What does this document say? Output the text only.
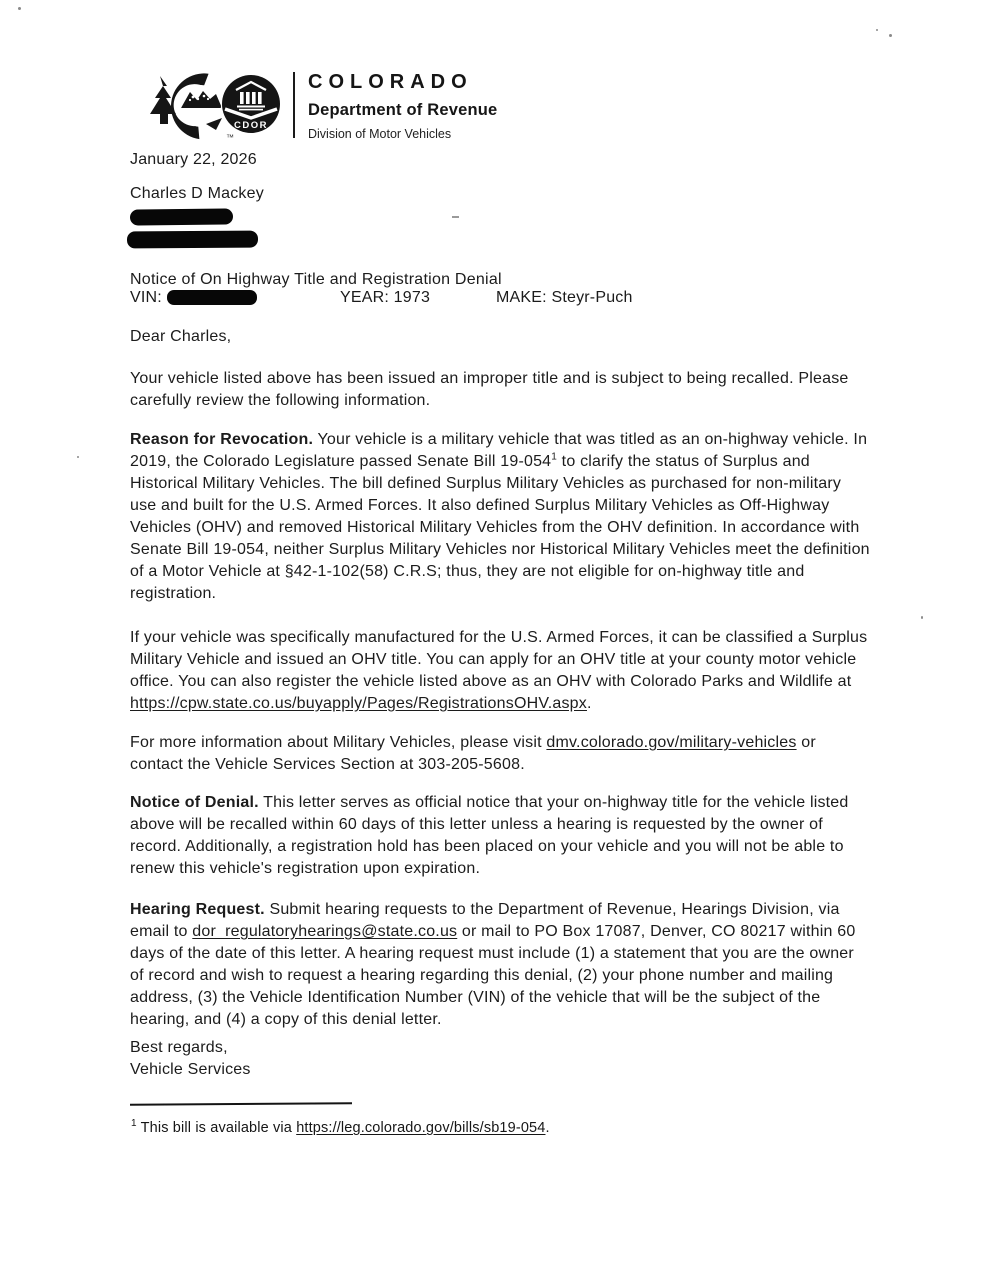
™
CDOR
COLORADO
Department of Revenue
Division of Motor Vehicles
January 22, 2026
Charles D Mackey
Notice of On Highway Title and Registration Denial
VIN:	YEAR: 1973	MAKE: Steyr-Puch
Dear Charles,
Your vehicle listed above has been issued an improper title and is subject to being recalled. Please carefully review the following information.
Reason for Revocation. Your vehicle is a military vehicle that was titled as an on-highway vehicle. In 2019, the Colorado Legislature passed Senate Bill 19-054$^1$ to clarify the status of Surplus and Historical Military Vehicles. The bill defined Surplus Military Vehicles as purchased for non-military use and built for the U.S. Armed Forces. It also defined Surplus Military Vehicles as Off-Highway Vehicles (OHV) and removed Historical Military Vehicles from the OHV definition. In accordance with Senate Bill 19-054, neither Surplus Military Vehicles nor Historical Military Vehicles meet the definition of a Motor Vehicle at §42-1-102(58) C.R.S; thus, they are not eligible for on-highway title and registration.
If your vehicle was specifically manufactured for the U.S. Armed Forces, it can be classified a Surplus Military Vehicle and issued an OHV title. You can apply for an OHV title at your county motor vehicle office. You can also register the vehicle listed above as an OHV with Colorado Parks and Wildlife at https://cpw.state.co.us/buyapply/Pages/RegistrationsOHV.aspx.
For more information about Military Vehicles, please visit dmv.colorado.gov/military-vehicles or contact the Vehicle Services Section at 303-205-5608.
Notice of Denial. This letter serves as official notice that your on-highway title for the vehicle listed above will be recalled within 60 days of this letter unless a hearing is requested by the owner of record. Additionally, a registration hold has been placed on your vehicle and you will not be able to renew this vehicle's registration upon expiration.
Hearing Request. Submit hearing requests to the Department of Revenue, Hearings Division, via email to dor_regulatoryhearings@state.co.us or mail to PO Box 17087, Denver, CO 80217 within 60 days of the date of this letter. A hearing request must include (1) a statement that you are the owner of record and wish to request a hearing regarding this denial, (2) your phone number and mailing address, (3) the Vehicle Identification Number (VIN) of the vehicle that will be the subject of the hearing, and (4) a copy of this denial letter.
Best regards,
Vehicle Services
$^1$ This bill is available via https://leg.colorado.gov/bills/sb19-054.
